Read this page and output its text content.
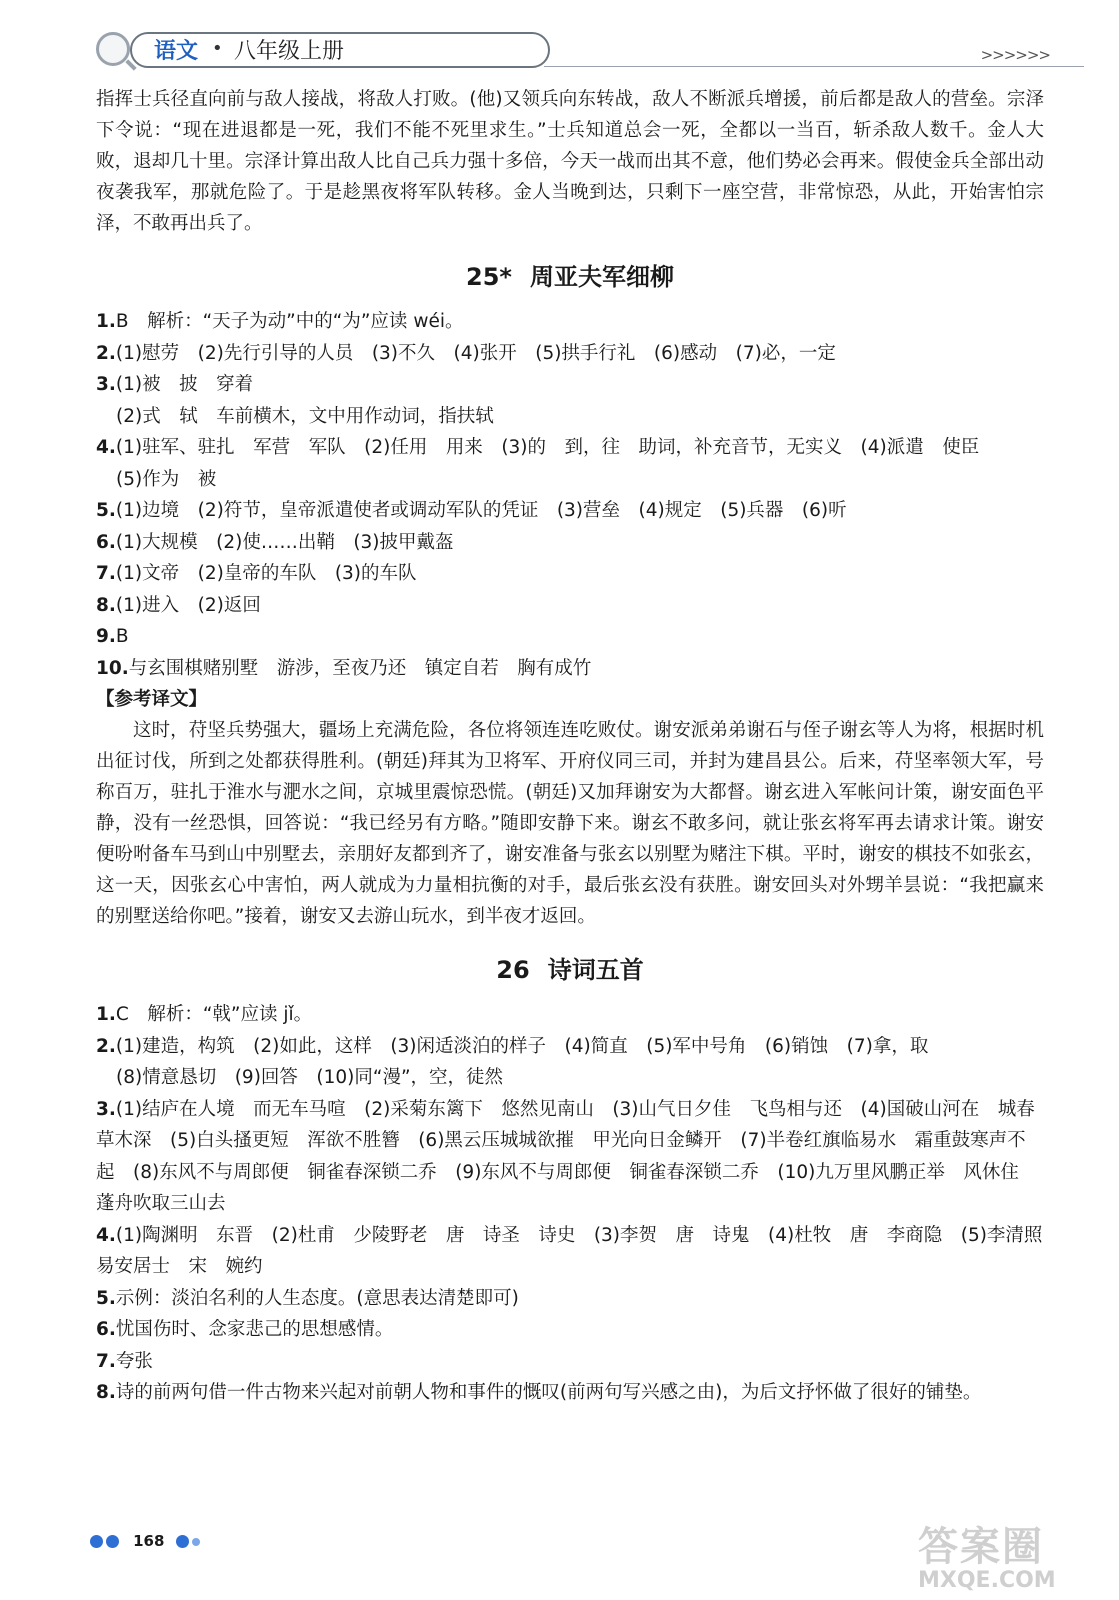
语文 • 八年级上册	>>>>>>

指挥士兵径直向前与敌人接战，将敌人打败。(他)又领兵向东转战，敌人不断派兵增援，前后都是敌人的营垒。宗泽下令说：“现在进退都是一死，我们不能不死里求生。”士兵知道总会一死，全都以一当百，斩杀敌人数千。金人大败，退却几十里。宗泽计算出敌人比自己兵力强十多倍，今天一战而出其不意，他们势必会再来。假使金兵全部出动夜袭我军，那就危险了。于是趁黑夜将军队转移。金人当晚到达，只剩下一座空营，非常惊恐，从此，开始害怕宗泽，不敢再出兵了。

25* 周亚夫军细柳

1.B　解析：“天子为动”中的“为”应读 wéi。

2.(1)慰劳　(2)先行引导的人员　(3)不久　(4)张开　(5)拱手行礼　(6)感动　(7)必，一定

3.(1)被　披　穿着

(2)式　轼　车前横木，文中用作动词，指扶轼

4.(1)驻军、驻扎　军营　军队　(2)任用　用来　(3)的　到，往　助词，补充音节，无实义　(4)派遣　使臣

(5)作为　被

5.(1)边境　(2)符节，皇帝派遣使者或调动军队的凭证　(3)营垒　(4)规定　(5)兵器　(6)听

6.(1)大规模　(2)使……出鞘　(3)披甲戴盔

7.(1)文帝　(2)皇帝的车队　(3)的车队

8.(1)进入　(2)返回

9.B

10.与玄围棋赌别墅　游涉，至夜乃还　镇定自若　胸有成竹

【参考译文】

这时，苻坚兵势强大，疆场上充满危险，各位将领连连吃败仗。谢安派弟弟谢石与侄子谢玄等人为将，根据时机出征讨伐，所到之处都获得胜利。(朝廷)拜其为卫将军、开府仪同三司，并封为建昌县公。后来，苻坚率领大军，号称百万，驻扎于淮水与淝水之间，京城里震惊恐慌。(朝廷)又加拜谢安为大都督。谢玄进入军帐问计策，谢安面色平静，没有一丝恐惧，回答说：“我已经另有方略。”随即安静下来。谢玄不敢多问，就让张玄将军再去请求计策。谢安便吩咐备车马到山中别墅去，亲朋好友都到齐了，谢安准备与张玄以别墅为赌注下棋。平时，谢安的棋技不如张玄，这一天，因张玄心中害怕，两人就成为力量相抗衡的对手，最后张玄没有获胜。谢安回头对外甥羊昙说：“我把赢来的别墅送给你吧。”接着，谢安又去游山玩水，到半夜才返回。

26 诗词五首

1.C　解析：“戟”应读 jǐ。

2.(1)建造，构筑　(2)如此，这样　(3)闲适淡泊的样子　(4)简直　(5)军中号角　(6)销蚀　(7)拿，取

(8)情意恳切　(9)回答　(10)同“漫”，空，徒然

3.(1)结庐在人境　而无车马喧　(2)采菊东篱下　悠然见南山　(3)山气日夕佳　飞鸟相与还　(4)国破山河在　城春草木深　(5)白头搔更短　浑欲不胜簪　(6)黑云压城城欲摧　甲光向日金鳞开　(7)半卷红旗临易水　霜重鼓寒声不起　(8)东风不与周郎便　铜雀春深锁二乔　(9)东风不与周郎便　铜雀春深锁二乔　(10)九万里风鹏正举　风休住　蓬舟吹取三山去

4.(1)陶渊明　东晋　(2)杜甫　少陵野老　唐　诗圣　诗史　(3)李贺　唐　诗鬼　(4)杜牧　唐　李商隐　(5)李清照　易安居士　宋　婉约

5.示例：淡泊名利的人生态度。(意思表达清楚即可)

6.忧国伤时、念家悲己的思想感情。

7.夸张

8.诗的前两句借一件古物来兴起对前朝人物和事件的慨叹(前两句写兴感之由)，为后文抒怀做了很好的铺垫。

168	答案圈
MXQE.COM
